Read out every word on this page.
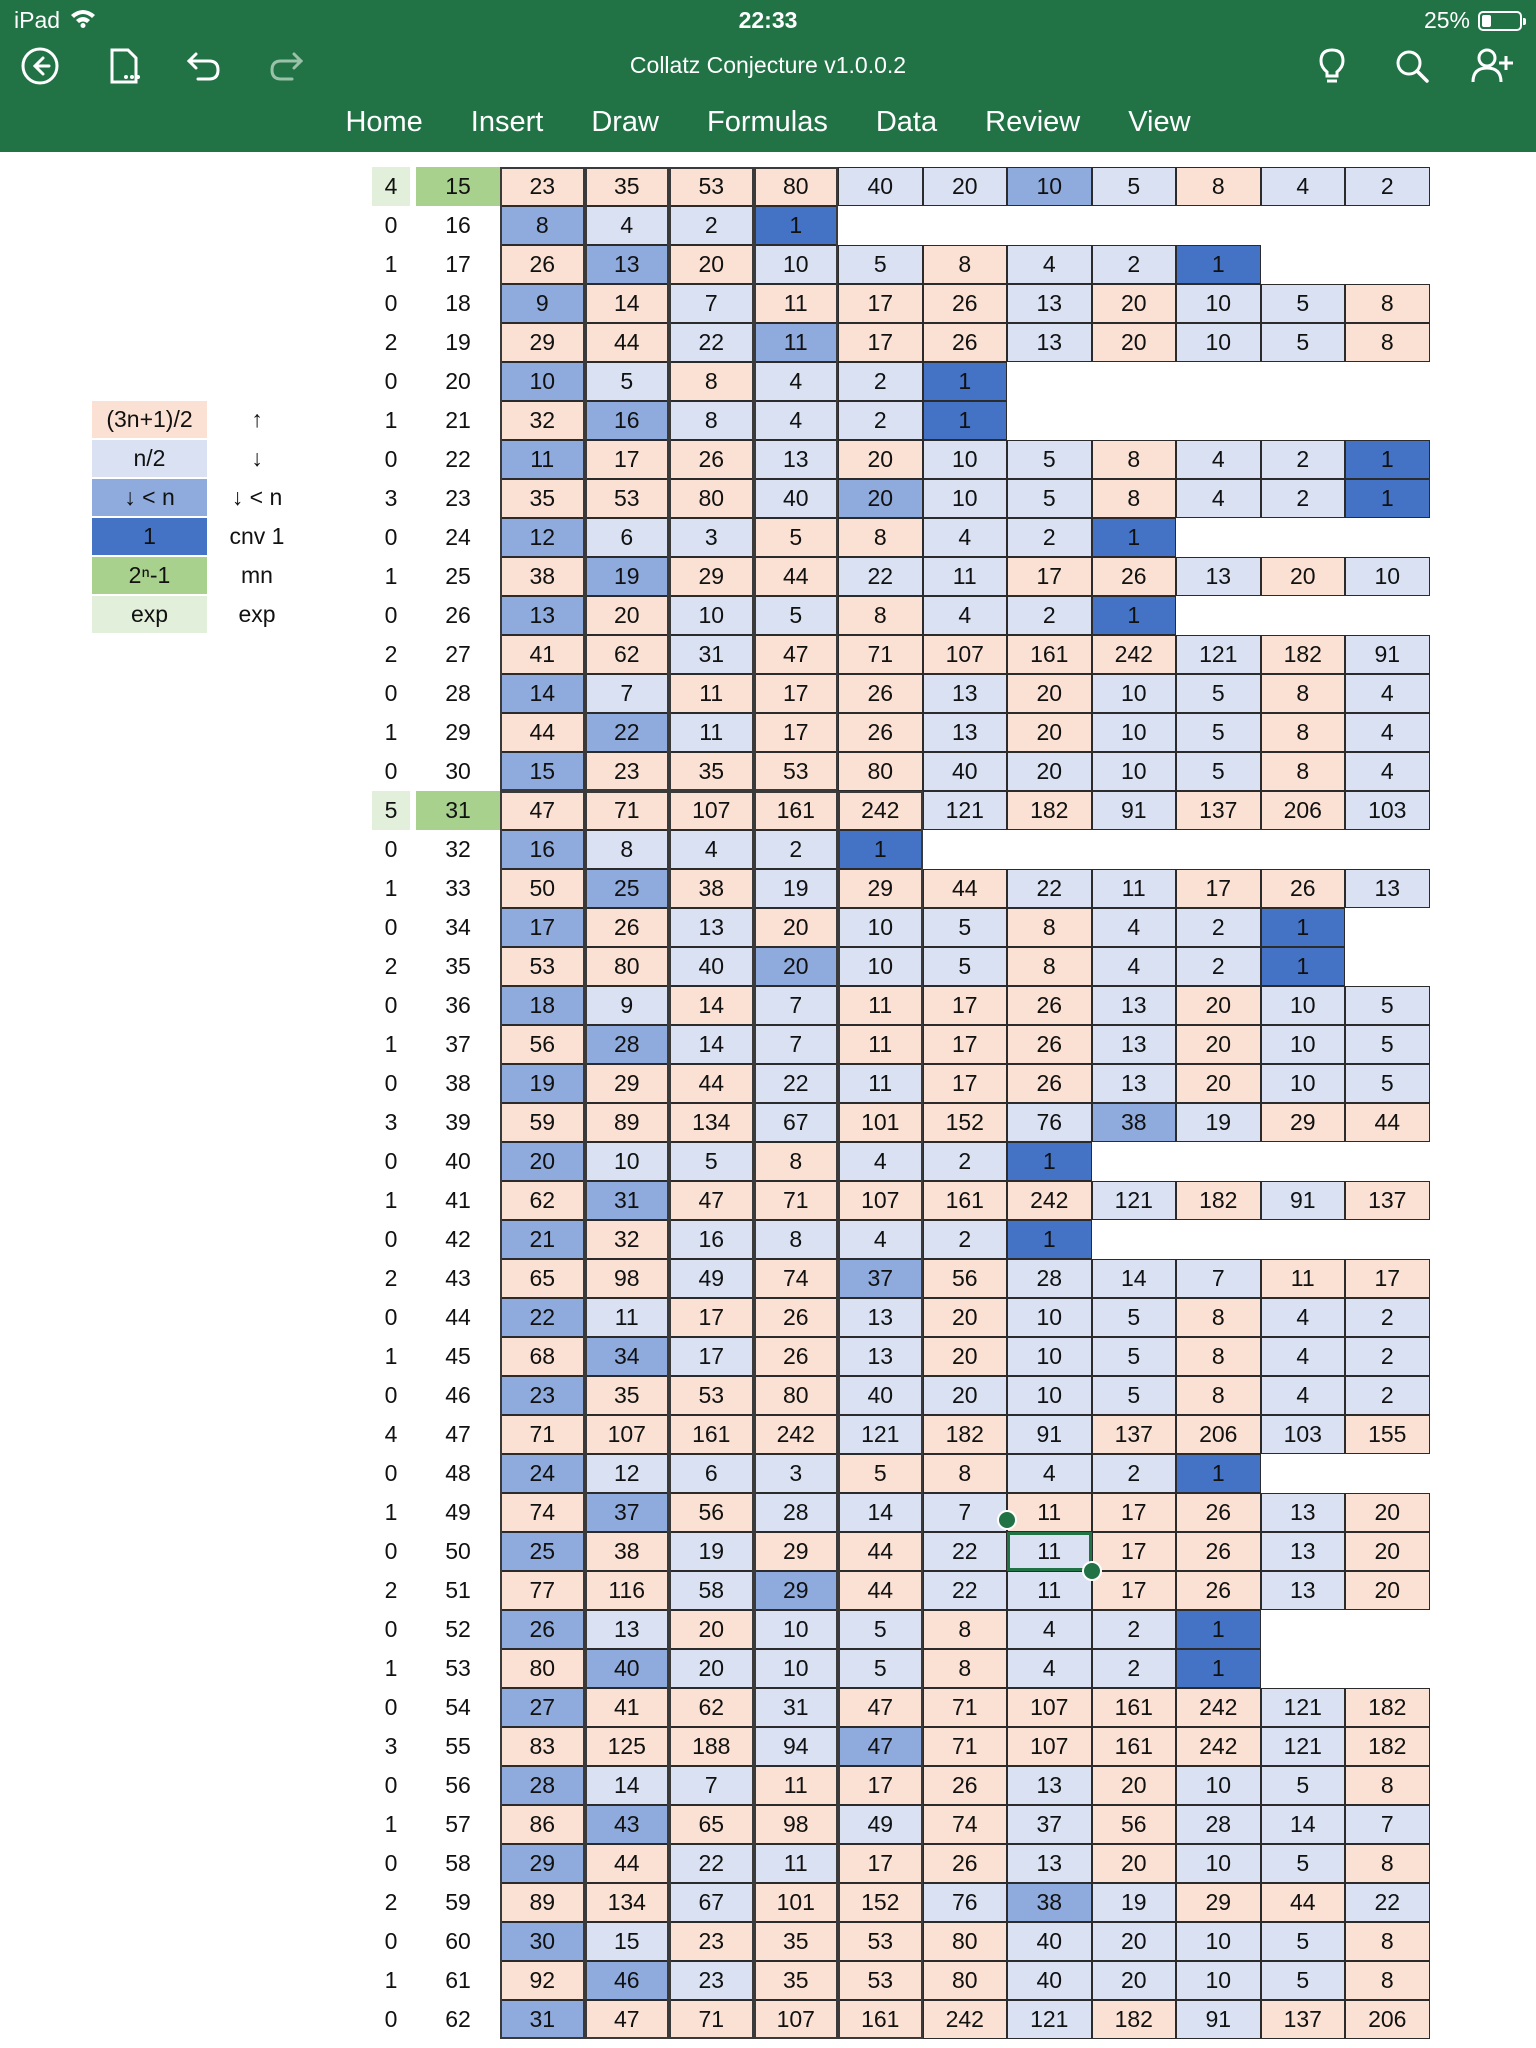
iPad	22:33	25%
Collatz Conjecture v1.0.0.2
Home	Insert	Draw	Formulas	Data	Review	View
(3n+1)/2	↑
n/2	↓
↓ < n	↓ < n
1	cnv 1
2ⁿ-1	mn
exp	exp
4	15	23	35	53	80	40	20	10	5	8	4	2
0	16	8	4	2	1
1	17	26	13	20	10	5	8	4	2	1
0	18	9	14	7	11	17	26	13	20	10	5	8
2	19	29	44	22	11	17	26	13	20	10	5	8
0	20	10	5	8	4	2	1
1	21	32	16	8	4	2	1
0	22	11	17	26	13	20	10	5	8	4	2	1
3	23	35	53	80	40	20	10	5	8	4	2	1
0	24	12	6	3	5	8	4	2	1
1	25	38	19	29	44	22	11	17	26	13	20	10
0	26	13	20	10	5	8	4	2	1
2	27	41	62	31	47	71	107	161	242	121	182	91
0	28	14	7	11	17	26	13	20	10	5	8	4
1	29	44	22	11	17	26	13	20	10	5	8	4
0	30	15	23	35	53	80	40	20	10	5	8	4
5	31	47	71	107	161	242	121	182	91	137	206	103
0	32	16	8	4	2	1
1	33	50	25	38	19	29	44	22	11	17	26	13
0	34	17	26	13	20	10	5	8	4	2	1
2	35	53	80	40	20	10	5	8	4	2	1
0	36	18	9	14	7	11	17	26	13	20	10	5
1	37	56	28	14	7	11	17	26	13	20	10	5
0	38	19	29	44	22	11	17	26	13	20	10	5
3	39	59	89	134	67	101	152	76	38	19	29	44
0	40	20	10	5	8	4	2	1
1	41	62	31	47	71	107	161	242	121	182	91	137
0	42	21	32	16	8	4	2	1
2	43	65	98	49	74	37	56	28	14	7	11	17
0	44	22	11	17	26	13	20	10	5	8	4	2
1	45	68	34	17	26	13	20	10	5	8	4	2
0	46	23	35	53	80	40	20	10	5	8	4	2
4	47	71	107	161	242	121	182	91	137	206	103	155
0	48	24	12	6	3	5	8	4	2	1
1	49	74	37	56	28	14	7	11	17	26	13	20
0	50	25	38	19	29	44	22	11	17	26	13	20
2	51	77	116	58	29	44	22	11	17	26	13	20
0	52	26	13	20	10	5	8	4	2	1
1	53	80	40	20	10	5	8	4	2	1
0	54	27	41	62	31	47	71	107	161	242	121	182
3	55	83	125	188	94	47	71	107	161	242	121	182
0	56	28	14	7	11	17	26	13	20	10	5	8
1	57	86	43	65	98	49	74	37	56	28	14	7
0	58	29	44	22	11	17	26	13	20	10	5	8
2	59	89	134	67	101	152	76	38	19	29	44	22
0	60	30	15	23	35	53	80	40	20	10	5	8
1	61	92	46	23	35	53	80	40	20	10	5	8
0	62	31	47	71	107	161	242	121	182	91	137	206
